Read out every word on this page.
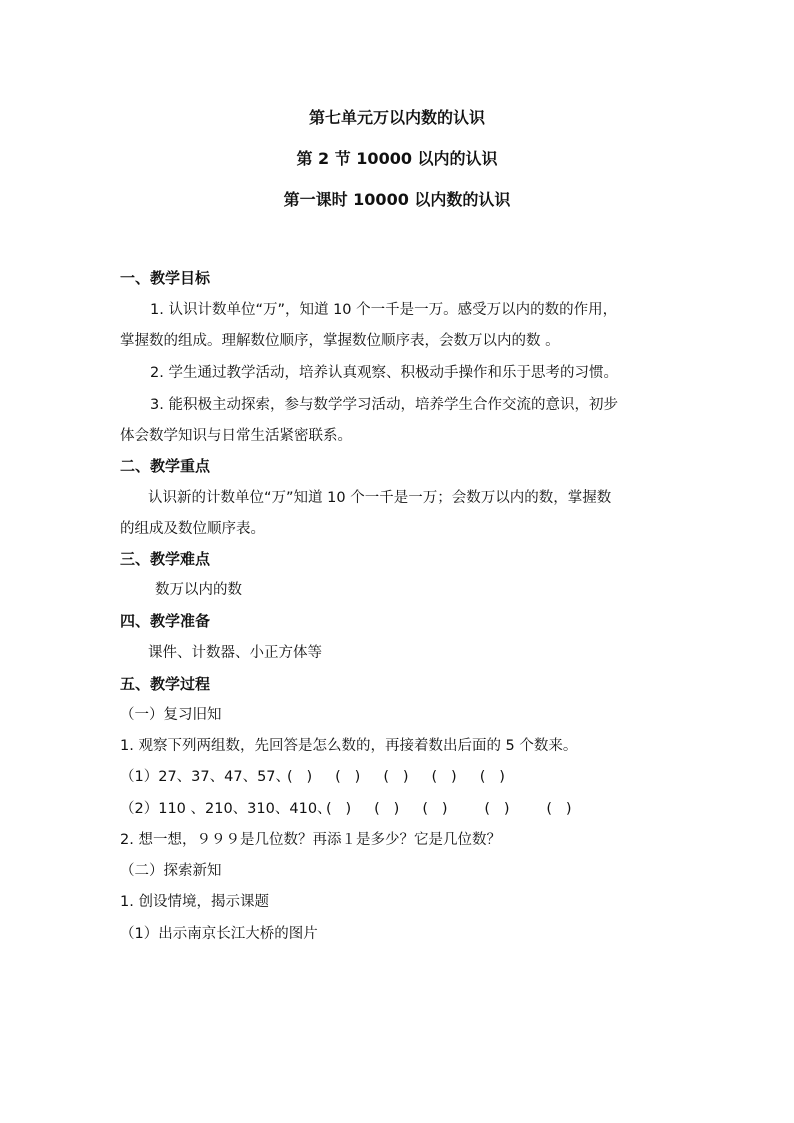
第七单元万以内数的认识
第 2 节 10000 以内的认识
第一课时 10000 以内数的认识
一、教学目标
1. 认识计数单位“万”，知道 10 个一千是一万。感受万以内的数的作用，
掌握数的组成。理解数位顺序，掌握数位顺序表，会数万以内的数 。
2. 学生通过教学活动，培养认真观察、积极动手操作和乐于思考的习惯。
3. 能积极主动探索，参与数学学习活动，培养学生合作交流的意识，初步
体会数学知识与日常生活紧密联系。
二、教学重点
认识新的计数单位“万”知道 10 个一千是一万；会数万以内的数，掌握数
的组成及数位顺序表。
三、教学难点
数万以内的数
四、教学准备
课件、计数器、小正方体等
五、教学过程
（一）复习旧知
1. 观察下列两组数，先回答是怎么数的，再接着数出后面的 5 个数来。
（1）27、37、47、57、
(   )     (   )     (   )     (   )     (   )
（2）110 、210、310、410、
(   )     (   )     (   )        (   )        (   )
2. 想一想，９９９是几位数？再添１是多少？它是几位数？
（二）探索新知
1. 创设情境，揭示课题
（1）出示南京长江大桥的图片
